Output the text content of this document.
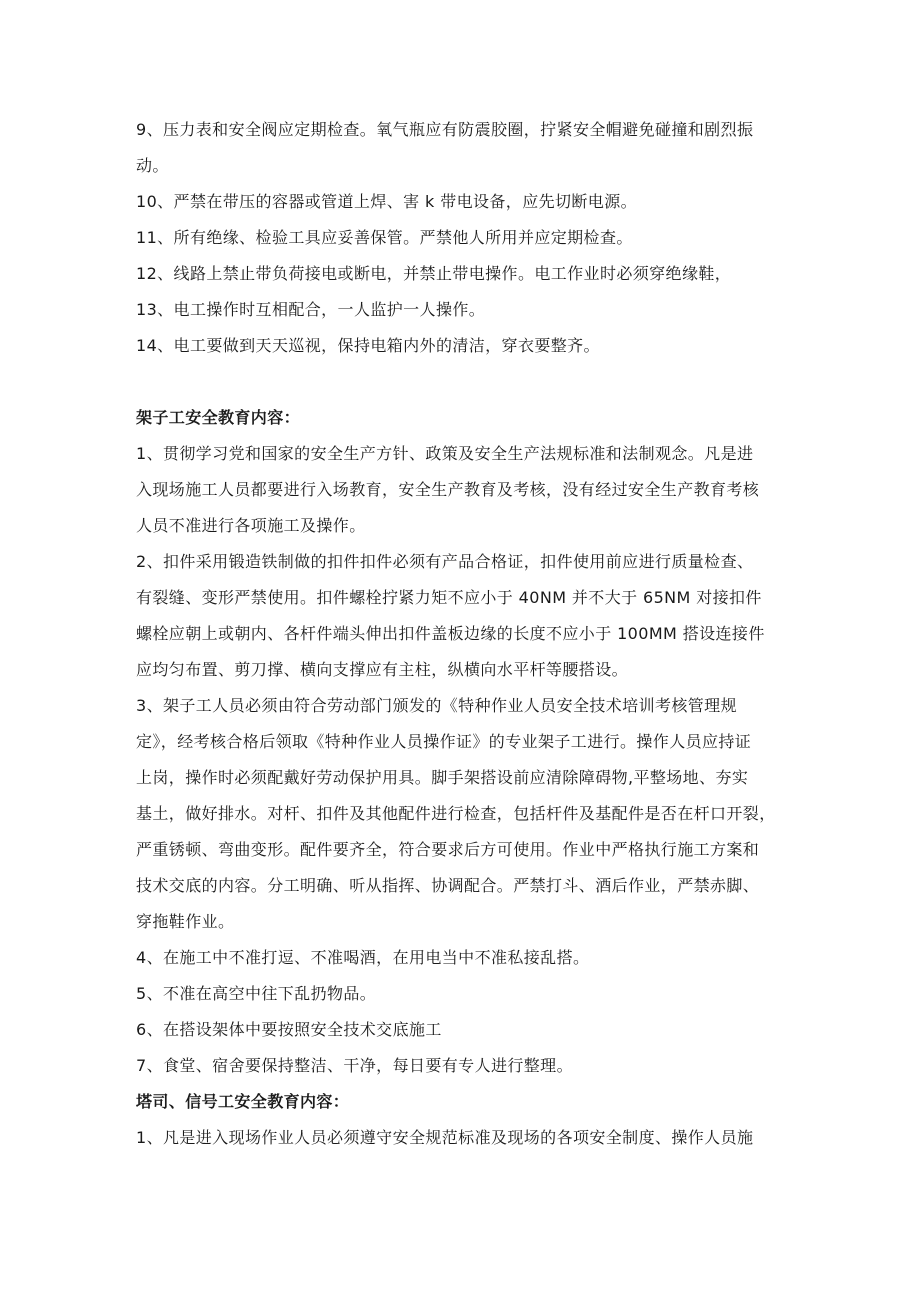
9、压力表和安全阀应定期检查。氧气瓶应有防震胶圈，拧紧安全帽避免碰撞和剧烈振
动。
10、严禁在带压的容器或管道上焊、害 k 带电设备，应先切断电源。
11、所有绝缘、检验工具应妥善保管。严禁他人所用并应定期检查。
12、线路上禁止带负荷接电或断电，并禁止带电操作。电工作业时必须穿绝缘鞋，
13、电工操作时互相配合，一人监护一人操作。
14、电工要做到天天巡视，保持电箱内外的清洁，穿衣要整齐。
架子工安全教育内容：
1、贯彻学习党和国家的安全生产方针、政策及安全生产法规标准和法制观念。凡是进
入现场施工人员都要进行入场教育，安全生产教育及考核，没有经过安全生产教育考核
人员不准进行各项施工及操作。
2、扣件采用锻造铁制做的扣件扣件必须有产品合格证，扣件使用前应进行质量检查、
有裂缝、变形严禁使用。扣件螺栓拧紧力矩不应小于 40NM 并不大于 65NM 对接扣件
螺栓应朝上或朝内、各杆件端头伸出扣件盖板边缘的长度不应小于 100MM 搭设连接件
应均匀布置、剪刀撑、横向支撑应有主柱，纵横向水平杆等腰搭设。
3、架子工人员必须由符合劳动部门颁发的《特种作业人员安全技术培训考核管理规
定》，经考核合格后领取《特种作业人员操作证》的专业架子工进行。操作人员应持证
上岗，操作时必须配戴好劳动保护用具。脚手架搭设前应清除障碍物,平整场地、夯实
基土，做好排水。对杆、扣件及其他配件进行检查，包括杆件及基配件是否在杆口开裂，
严重锈顿、弯曲变形。配件要齐全，符合要求后方可使用。作业中严格执行施工方案和
技术交底的内容。分工明确、听从指挥、协调配合。严禁打斗、酒后作业，严禁赤脚、
穿拖鞋作业。
4、在施工中不准打逗、不准喝酒，在用电当中不准私接乱搭。
5、不准在高空中往下乱扔物品。
6、在搭设架体中要按照安全技术交底施工
7、食堂、宿舍要保持整洁、干净，每日要有专人进行整理。
塔司、信号工安全教育内容：
1、凡是进入现场作业人员必须遵守安全规范标准及现场的各项安全制度、操作人员施
